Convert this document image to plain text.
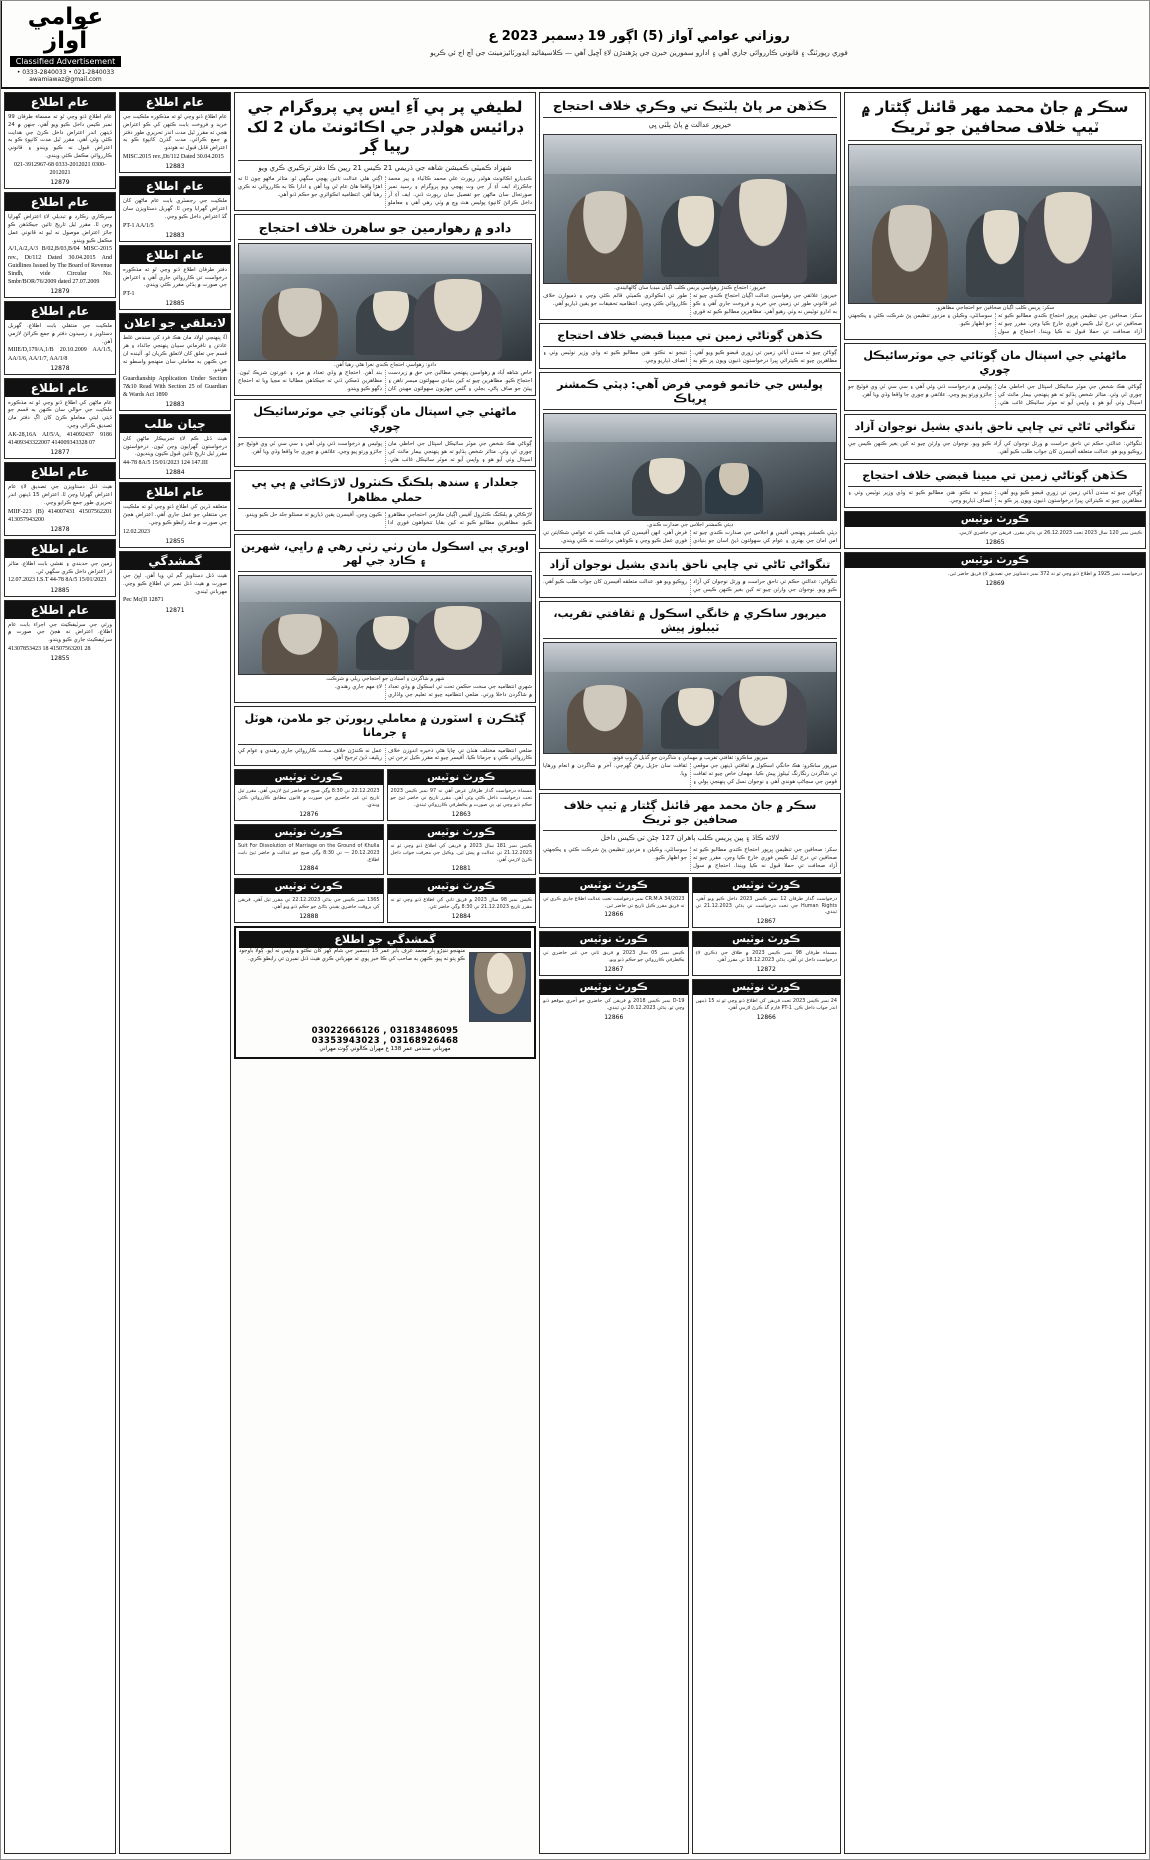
عوامي آواز
Classified Advertisement
021-2840033 • 0333-2840033 • awamiawaz@gmail.com
روزاني عوامي آواز (5) اڳور 19 ڊسمبر 2023 ع
فوري رپورٽنگ ۽ قانوني ڪارروائي جاري آهي ۽ ادارو سمورين خبرن جي پڙهندڙن لاءِ آڇيل آهي — ڪلاسيفائيڊ ايڊورٽائيزمينٽ جي آڇ اڄ ئي ڪريو
عام اطلاع
عام اطلاع ڏنو وڃي ٿو ته مسماة طرفان 99 نمبر ڪيس داخل ڪيو ويو آهي، جنهن ۾ 24 ڏينهن اندر اعتراض داخل ڪرڻ جي هدايت ڪئي وئي آهي. مقرر ٿيل مدت کانپوءِ ڪو به اعتراض قبول نه ڪيو ويندو ۽ قانوني ڪارروائي مڪمل ڪئي ويندي.
021-3912967-68 0333-2012021 0300-2012021
12879
عام اطلاع
سرڪاري رڪارڊ ۾ تبديلي لاءِ اعتراض گهرايا وڃن ٿا. مقرر ٿيل تاريخ تائين جيڪڏهن ڪو جائز اعتراض موصول نه ٿيو ته قانوني عمل مڪمل ڪيو ويندو.
A/1,A/2,A/3 B/02,B/03,B/04 MISC-2015 rev., Dt/112 Dated 30.04.2015 And Guidlines Issued by The Board of Revenue Sindh, vide Circular No. Smbr/BOR/76/2009 dated 27.07.2009
12879
عام اطلاع
ملڪيت جي منتقلي بابت اطلاع. گهربل دستاويز ۽ رسيدون دفتر ۾ جمع ڪرائڻ لازمي آهن.
MIIE/D,179/A,1/B 20.10.2009 AA/1/5, AA/1/6, AA/1/7, AA/1/8
12878
عام اطلاع
عام ماڻهن کي اطلاع ڏنو وڃي ٿو ته مذڪوره ملڪيت جي حوالي سان ڪنهن به قسم جو ڏيتي ليتي معاملو ڪرڻ کان اڳ دفتر مان تصديق ڪرائي وڃي.
AK-28,16A AJ/5/A, 414092437 9186 41409343322007 414009343328 07
12877
عام اطلاع
هيٺ ڏنل دستاويزن جي تصديق لاءِ عام اعتراض گهرايا وڃن ٿا. اعتراض 15 ڏينهن اندر تحريري طور جمع ڪرايو وڃي.
MIIF-223 (B) 414007431 41507562201 413057943200
12878
عام اطلاع
زمين جي حدبندي ۽ نقشي بابت اطلاع. متاثر ڌر اعتراض داخل ڪري سگهي ٿي.
12.07.2023 I.S.T 44-78 8A/5 15/01/2023
12885
عام اطلاع
ورثي جي سرٽيفڪيٽ جي اجراء بابت عام اطلاع. اعتراض نه هجڻ جي صورت ۾ سرٽيفڪيٽ جاري ڪيو ويندو.
41307853423 18 41507563201 28
12855
عام اطلاع
عام اطلاع ڏنو وڃي ٿو ته مذڪوره ملڪيت جي خريد و فروخت بابت ڪنهن کي ڪو اعتراض هجي ته مقرر ٿيل مدت اندر تحريري طور دفتر ۾ جمع ڪرائي. مدت گذرڻ کانپوءِ ڪو به اعتراض قابل قبول نه هوندو.
MISC.2015 rev.,Dt/112 Dated 30.04.2015
12883
عام اطلاع
ملڪيت جي رجسٽري بابت عام ماڻهن کان اعتراض گهرايا وڃن ٿا. گهربل دستاويزن سان گڏ اعتراض داخل ڪيو وڃي.
PT-1 AA/1/5
12883
عام اطلاع
دفتر طرفان اطلاع ڏنو وڃي ٿو ته مذڪوره درخواست تي ڪارروائي جاري آهي ۽ اعتراض جي صورت ۾ ٻڌڻي مقرر ڪئي ويندي.
PT-1
12885
لاتعلقي جو اعلان
آءٌ پنهنجي اولاد مان هڪ فرد کي سندس غلط عادتن ۽ نافرماني سببان پنهنجي جائداد ۽ هر قسم جي تعلق کان لاتعلق ڪريان ٿو. آئينده ان جي ڪنهن به معاملي سان منهنجو واسطو نه هوندو.
Guardianship Application Under Section 7&10 Read With Section 25 of Guardian & Wards Act 1890
12883
ڄيان طلب
هيٺ ڏنل ڪم لاءِ تجربيڪار ماڻهن کان درخواستون گهرايون وڃن ٿيون. درخواستون مقرر ٿيل تاريخ تائين قبول ڪيون وينديون.
44-78 8A/5 15/01/2023 124 147.III
12884
عام اطلاع
متعلقه ڌرين کي اطلاع ڏنو وڃي ٿو ته ملڪيت جي منتقلي جو عمل جاري آهي. اعتراض هجڻ جي صورت ۾ جلد رابطو ڪيو وڃي.
12.02.2023
12855
گمشدگي
هيٺ ڏنل دستاويز گم ٿي ويا آهن. لڀڻ جي صورت ۾ هيٺ ڏنل نمبر تي اطلاع ڪيو وڃي. مهرباني ٿيندي.
Pec Mc(II 12871
12871
لطيفي پر ٻي آءِ ايس پي پروگرام جي ڊرائيس هولڊر جي اڪائونٽ مان 2 لک رپيا ڳر
شھزاد ڪميٽي ڪميشن شاهه جي ڏريمي 21 ڪيس 21 رپين ڪا دفتر ترڪيري ڪري ويو
ڪنڊيارو اڪائونٽ هولڊر رپورٽ علي محمد ڪاٽياء ۽ پير محمد جاڪرزاد ايف آءِ آر جي وت پهچي ويو پروگرام ۽ رسيد نمبر صورتحال سان ماڻهن جو تفصيل سان رپورٽ ڏني. ايف آءِ آر داخل ڪرائڻ کانپوءِ پوليس هٿ وچ ۾ وٺي رهي آهي ۽ معاملو اڳتي هلي عدالت تائين پهچي سگهي ٿو. متاثر ماڻهو چون ٿا ته اهڙا واقعا هاڻ عام ٿي ويا آهن ۽ ادارا ڪا به ڪارروائي نه ڪري رهيا آهن. انتظاميه انڪوائري جو حڪم ڏنو آهي.
دادو ۾ رهوارمين جو ساهرن خلاف احتجاج
دادو: رهواسي احتجاج ڪندي نعرا هڻي رهيا آهن.
خاص شاهه آباد ۾ رهواسين پنهنجي مطالبن جي حق ۾ زبردست احتجاج ڪيو. مظاهرين چيو ته کين بنيادي سهولتون ميسر ناهن ۽ پيئڻ جو صاف پاڻي، بجلي ۽ گئس جهڙيون سهولتون مهينن کان بند آهن. احتجاج ۾ وڏي تعداد ۾ مرد ۽ عورتون شريڪ ٿيون. مظاهرين ڌمڪي ڏني ته جيڪڏهن مطالبا نه مڃيا ويا ته احتجاج ڊگھو ڪيو ويندو.
ماڻهئي جي اسپتال مان ڳوٽائي جي موٽرسائيڪل چوري
ڳوٺاڻي هڪ شخص جي موٽر سائيڪل اسپتال جي احاطي مان چوري ٿي وئي. متاثر شخص ٻڌايو ته هو پنهنجي بيمار مائٽ کي اسپتال وٺي آيو هو ۽ واپس آيو ته موٽر سائيڪل غائب هئي. پوليس ۾ درخواست ڏني وئي آهي ۽ سي سي ٽي وي فوٽيج جو جائزو ورتو پيو وڃي. علائقي ۾ چوري جا واقعا وڌي ويا آهن.
جعلدار ۽ سندھ ٻلڪنگ ڪنٽرول لاڙڪاڻي ۾ ڀي ڀي حملي مظاهرا
لاڙڪاڻي ۾ ٻلڪنگ ڪنٽرول آفيس اڳيان ملازمن احتجاجي مظاهرو ڪيو. مظاهرين مطالبو ڪيو ته کين بقايا تنخواهون فوري ادا ڪيون وڃن. آفيسرن يقين ڏياريو ته مسئلو جلد حل ڪيو ويندو.
اويري ٻي اسڪول مان رٺي رٺي رهي ۾ راڀي، شهرين ۽ ڪارڊ جي لهر
شهر ۾ شاگردن ۽ استادن جو احتجاجي ريلي ۾ شرڪت.
شهري انتظاميه جي سخت حڪمن تحت تي اسڪول ۾ وڏي تعداد ۾ شاگردن داخلا ورتي. ضلعي انتظاميه چيو ته تعليم جي واڌاري لاءِ مهم جاري رهندي.
ڳڻڪرن ۽ اسٽورن ۾ معاملي رپورٽن جو ملامن، هوٽل ۽ جرمانا
ضلعي انتظاميه مختلف هنڌن تي ڇاپا هڻي ذخيره اندوزن خلاف ڪارروائي ڪئي ۽ جرمانا ڪيا. آفيسر چيو ته مقرر ڪيل نرخن تي عمل نه ڪندڙن خلاف سخت ڪارروائي جاري رهندي ۽ عوام کي ريليف ڏيڻ ترجيح آهي.
ڪورٽ نوٽيس
مسماة درخواست گذار طرفان عرض آهي ته 97 نمبر ڪيس 2023 تحت درخواست داخل ڪئي وئي آهي. مقرر تاريخ تي حاضر ٿيڻ جو حڪم ڏنو وڃي ٿو، ٻي صورت ۾ يڪطرفي ڪارروائي ٿيندي.
12863
ڪورٽ نوٽيس
22.12.2023 تي 8:30 وڳي صبح جو حاضر ٿيڻ لازمي آهي. مقرر ٿيل تاريخ تي غير حاضري جي صورت ۾ قانون مطابق ڪارروائي ڪئي ويندي.
12876
ڪورٽ نوٽيس
ڪيس نمبر 181 سال 2023 ۾ فريقن کي اطلاع ڏنو وڃي ٿو ته 21.12.2023 تي عدالت ۾ پيش ٿين. وڪيل جي معرفت جواب داخل ڪرڻ لازمي آهي.
12881
ڪورٽ نوٽيس
Suit For Dissolution of Marriage on the Ground of Khulla — 20.12.2023 تي 8:30 وڳي صبح جو عدالت ۾ حاضر ٿيڻ بابت اطلاع.
12884
ڪورٽ نوٽيس
ڪيس نمبر 98 سال 2023 ۾ فريق ثاني کي اطلاع ڏنو وڃي ٿو ته مقرر تاريخ 21.12.2023 تي 8:30 وڳي حاضر ٿئي.
12884
ڪورٽ نوٽيس
1365 نمبر ڪيس جي ٻڌڻي 22.12.2023 تي مقرر ٿيل آهي. فريقن کي بروقت حاضري يقيني بڻائڻ جو حڪم ڏنو ويو آهي.
12888
گمشدگي جو اطلاع
منهنجو ننڍڙو ٻار محمد عرف بابر عمر 15 ڊسمبر جي شام گهر کان نڪتو ۽ واپس نه آيو. ڳولا باوجود ڪو پتو نه پيو. ڪنهن به صاحب کي ڪا خبر پوي ته مهرباني ڪري هيٺ ڏنل نمبرن تي رابطو ڪري.
03022666126 , 03183486095
03353943023 , 03168926468
مهرباني سندس عمر 138 ع مهران ڪالوني ڳوٺ مهراني
ڪڏهن مر پاڻ ٻلٽيڪ تي وڪري خلاف احتجاج
خيرپور عدالت ۾ پاڻ ٻلٽي ڀي
خيرپور: احتجاج ڪندڙ رهواسي پريس ڪلب اڳيان ميڊيا سان ڳالهائيندي.
خيرپور: علائقي جي رهواسين عدالت اڳيان احتجاج ڪندي چيو ته غير قانوني طور تي زمينن جي خريد و فروخت جاري آهي ۽ ڪو به ادارو نوٽيس نه وٺي رهيو آهي. مظاهرين مطالبو ڪيو ته فوري طور تي انڪوائري ڪميٽي قائم ڪئي وڃي ۽ ذميوارن خلاف ڪارروائي ڪئي وڃي. انتظاميه تحقيقات جو يقين ڏياريو آهي.
ڪڏهن ڳوٺاڻي زمين تي ميينا قبضي خلاف احتجاج
ڳوٺاڻن چيو ته سندن آبائي زمين تي زوري قبضو ڪيو ويو آهي. مظاهرين چيو ته ڪيترائي ڀيرا درخواستون ڏنيون ويون پر ڪو به نتيجو نه نڪتو. هنن مطالبو ڪيو ته وڏي وزير نوٽيس وٺي ۽ انصاف ڏياريو وڃي.
پوليس جي خاتمو قومي فرض آهي: ڊپٽي ڪمشنر ڀرپاڪ
ڊپٽي ڪمشنر اجلاس جي صدارت ڪندي.
ڊپٽي ڪمشنر پنهنجي آفيس ۾ اجلاس جي صدارت ڪندي چيو ته امن امان جي بهتري ۽ عوام کي سهولتون ڏيڻ اسان جو بنيادي فرض آهي. انهن آفيسرن کي هدايت ڪئي ته عوامي شڪايتن تي فوري عمل ڪيو وڃي ۽ ڪوتاهي برداشت نه ڪئي ويندي.
تنگواڻي ٿاڻي تي چاپي ناحق ٻاندي بشيل نوجوان آزاد
تنگواڻي: عدالتي حڪم تي ناحق حراست ۾ ورتل نوجوان کي آزاد ڪيو ويو. نوجوان جي وارثن چيو ته کين بغير ڪنهن ڪيس جي روڪيو ويو هو. عدالت متعلقه آفيسرن کان جواب طلب ڪيو آهي.
ميرپور ساڪري ۾ خانگي اسڪول ۾ ثقافتي تقريب، ٽيبلوز پيش
ميرپور ساڪرو: ثقافتي تقريب ۾ مهمانن ۽ شاگردن جو گڏيل گروپ فوٽو.
ميرپور ساڪرو: هڪ خانگي اسڪول ۾ ثقافتي ڏينهن جي موقعي تي شاگردن رنگارنگ ٽيبلوز پيش ڪيا. مهمان خاص چيو ته ثقافت قومن جي سڃاڻپ هوندي آهي ۽ نوجوان نسل کي پنهنجي ٻولي ۽ ثقافت سان جڙيل رهڻ گهرجي. آخر ۾ شاگردن ۾ انعام ورهايا ويا.
سڪر ۾ جاڻ محمد مهر ڦائنل ڳڻتار ۾ ٽيڀ خلاف صحافين جو ٽريڪ
لالاڻه ڪاڌ ۽ پين پريس ڪلب ٻاهران 127 ڄڻن تي ڪيس داخل
سکر: صحافين جي تنظيمن ڀرپور احتجاج ڪندي مطالبو ڪيو ته صحافين تي درج ٿيل ڪيس فوري خارج ڪيا وڃن. مقرر چيو ته آزاد صحافت تي حملا قبول نه ڪيا ويندا. احتجاج ۾ سول سوسائٽي، وڪيلن ۽ مزدور تنظيمن پڻ شرڪت ڪئي ۽ يڪجهتي جو اظهار ڪيو.
ڪورٽ نوٽيس
درخواست گذار طرفان 12 نمبر ڪيس 2023 داخل ڪيو ويو آهي. Human Rights جي تحت درخواست تي ٻڌڻي 21.12.2023 تي ٿيندي.
12867
ڪورٽ نوٽيس
34/2023 CR.M.A نمبر درخواست تحت عدالت اطلاع جاري ڪري ٿي ته فريق مقرر ڪيل تاريخ تي حاضر ٿين.
12866
ڪورٽ نوٽيس
مسماة طرفان 98 نمبر ڪيس 2023 ۾ طلاق جي ڊڪري لاءِ درخواست داخل ٿي آهي. ٻڌڻي 18.12.2023 تي مقرر آهي.
12872
ڪورٽ نوٽيس
ڪيس نمبر 05 سال 2023 ۾ فريق ثاني جي غير حاضري تي يڪطرفي ڪارروائي جو حڪم ڏنو ويو.
12867
ڪورٽ نوٽيس
24 نمبر ڪيس 2023 تحت فريقن کي اطلاع ڏنو وڃي ٿو ته 15 ڏينهن اندر جواب داخل ڪن. PT-1 فارم گڏ ڪرڻ لازمي آهي.
12866
ڪورٽ نوٽيس
D-19 نمبر ڪيس 2018 ۾ فريقن کي حاضري جو آخري موقعو ڏنو وڃي ٿو. ٻڌڻي 20.12.2023 تي ٿيندي.
12866
سڪر ۾ جاڻ محمد مهر ڦائنل ڳڻتار ۾ ٽيڀ خلاف صحافين جو ٽريڪ
سکر: پريس ڪلب اڳيان صحافين جو احتجاجي مظاهرو.
سکر: صحافين جي تنظيمن ڀرپور احتجاج ڪندي مطالبو ڪيو ته صحافين تي درج ٿيل ڪيس فوري خارج ڪيا وڃن. مقرر چيو ته آزاد صحافت تي حملا قبول نه ڪيا ويندا. احتجاج ۾ سول سوسائٽي، وڪيلن ۽ مزدور تنظيمن پڻ شرڪت ڪئي ۽ يڪجهتي جو اظهار ڪيو.
ماڻهئي جي اسپتال مان ڳوٽائي جي موٽرسائيڪل چوري
ڳوٺاڻي هڪ شخص جي موٽر سائيڪل اسپتال جي احاطي مان چوري ٿي وئي. متاثر شخص ٻڌايو ته هو پنهنجي بيمار مائٽ کي اسپتال وٺي آيو هو ۽ واپس آيو ته موٽر سائيڪل غائب هئي. پوليس ۾ درخواست ڏني وئي آهي ۽ سي سي ٽي وي فوٽيج جو جائزو ورتو پيو وڃي. علائقي ۾ چوري جا واقعا وڌي ويا آهن.
تنگواڻي ٿاڻي تي چاپي ناحق ٻاندي بشيل نوجوان آزاد
تنگواڻي: عدالتي حڪم تي ناحق حراست ۾ ورتل نوجوان کي آزاد ڪيو ويو. نوجوان جي وارثن چيو ته کين بغير ڪنهن ڪيس جي روڪيو ويو هو. عدالت متعلقه آفيسرن کان جواب طلب ڪيو آهي.
ڪڏهن ڳوٺاڻي زمين تي ميينا قبضي خلاف احتجاج
ڳوٺاڻن چيو ته سندن آبائي زمين تي زوري قبضو ڪيو ويو آهي. مظاهرين چيو ته ڪيترائي ڀيرا درخواستون ڏنيون ويون پر ڪو به نتيجو نه نڪتو. هنن مطالبو ڪيو ته وڏي وزير نوٽيس وٺي ۽ انصاف ڏياريو وڃي.
ڪورٽ نوٽيس
ڪيس نمبر 120 سال 2023 تحت 26.12.2023 تي ٻڌڻي مقرر. فريقن جي حاضري لازمي.
12865
ڪورٽ نوٽيس
درخواست نمبر 1925 ۾ اطلاع ڏنو وڃي ٿو ته 372 نمبر دستاويز جي تصديق لاءِ فريق حاضر ٿين.
12869
